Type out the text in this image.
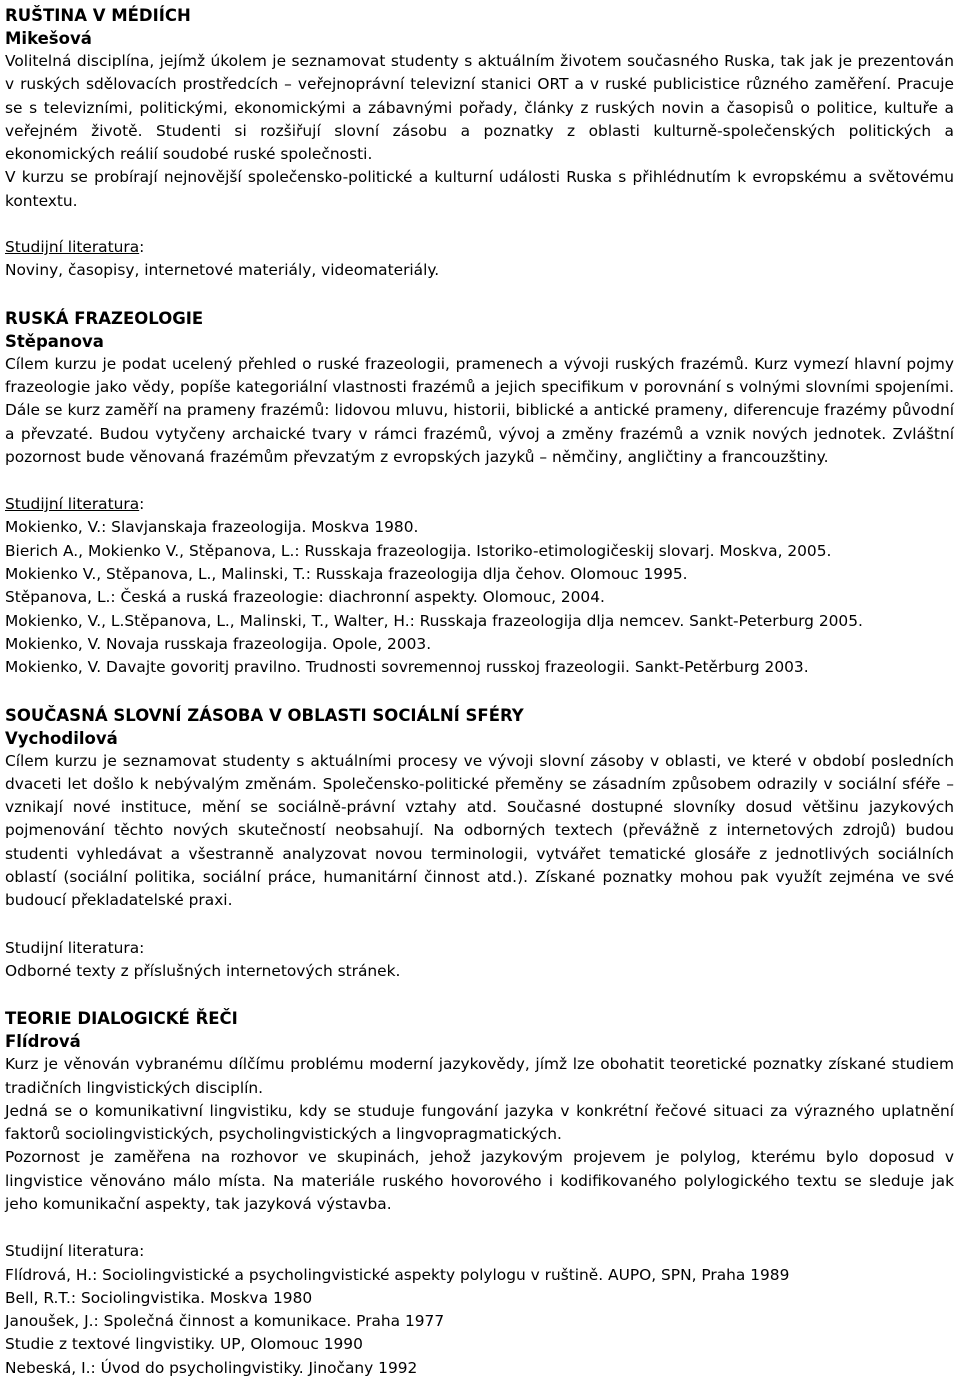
RUŠTINA V MÉDIÍCH
Mikešová

Volitelná disciplína, jejímž úkolem je seznamovat studenty s aktuálním životem současného Ruska, tak jak je prezentován v ruských sdělovacích prostředcích – veřejnoprávní televizní stanici ORT a v ruské publicistice různého zaměření. Pracuje se s televizními, politickými, ekonomickými a zábavnými pořady, články z ruských novin a časopisů o politice, kultuře a veřejném životě. Studenti si rozšiřují slovní zásobu a poznatky z oblasti kulturně-společenských politických a ekonomických reálií soudobé ruské společnosti.

V kurzu se probírají nejnovější společensko-politické a kulturní události Ruska s přihlédnutím k evropskému a světovému kontextu.

Studijní literatura:

Noviny, časopisy, internetové materiály, videomateriály.

RUSKÁ FRAZEOLOGIE
Stěpanova

Cílem kurzu je podat ucelený přehled o ruské frazeologii, pramenech a vývoji ruských frazémů. Kurz vymezí hlavní pojmy frazeologie jako vědy, popíše kategoriální vlastnosti frazémů a jejich specifikum v porovnání s volnými slovními spojeními. Dále se kurz zaměří na prameny frazémů: lidovou mluvu, historii, biblické a antické prameny, diferencuje frazémy původní a převzaté. Budou vytyčeny archaické tvary v rámci frazémů, vývoj a změny frazémů a vznik nových jednotek. Zvláštní pozornost bude věnovaná frazémům převzatým z evropských jazyků – němčiny, angličtiny a francouzštiny.

Studijní literatura:

Mokienko, V.: Slavjanskaja frazeologija. Moskva 1980.

Bierich A., Mokienko V., Stěpanova, L.: Russkaja frazeologija. Istoriko-etimologičeskij slovarj. Moskva, 2005.

Mokienko V., Stěpanova, L., Malinski, T.: Russkaja frazeologija dlja čehov. Olomouc 1995.

Stěpanova, L.: Česká a ruská frazeologie: diachronní aspekty. Olomouc, 2004.

Mokienko, V., L.Stěpanova, L., Malinski, T., Walter, H.: Russkaja frazeologija dlja nemcev. Sankt-Peterburg 2005.

Mokienko, V. Novaja russkaja frazeologija. Opole, 2003.

Mokienko, V. Davajte govoritj pravilno. Trudnosti sovremennoj russkoj frazeologii. Sankt-Petěrburg 2003.

SOUČASNÁ SLOVNÍ ZÁSOBA V OBLASTI SOCIÁLNÍ SFÉRY
Vychodilová

Cílem kurzu je seznamovat studenty s aktuálními procesy ve vývoji slovní zásoby v oblasti, ve které v období posledních dvaceti let došlo k nebývalým změnám. Společensko-politické přeměny se zásadním způsobem odrazily v sociální sféře – vznikají nové instituce, mění se sociálně-právní vztahy atd. Současné dostupné slovníky dosud většinu jazykových pojmenování těchto nových skutečností neobsahují. Na odborných textech (převážně z internetových zdrojů) budou studenti vyhledávat a všestranně analyzovat novou terminologii, vytvářet tematické glosáře z jednotlivých sociálních oblastí (sociální politika, sociální práce, humanitární činnost atd.). Získané poznatky mohou pak využít zejména ve své budoucí překladatelské praxi.

Studijní literatura:

Odborné texty z příslušných internetových stránek.

TEORIE DIALOGICKÉ ŘEČI
Flídrová

Kurz je věnován vybranému dílčímu problému moderní jazykovědy, jímž lze obohatit teoretické poznatky získané studiem tradičních lingvistických disciplín.

Jedná se o komunikativní lingvistiku, kdy se studuje fungování jazyka v konkrétní řečové situaci za výrazného uplatnění faktorů sociolingvistických, psycholingvistických a lingvopragmatických.

Pozornost je zaměřena na rozhovor ve skupinách, jehož jazykovým projevem je polylog, kterému bylo doposud v lingvistice věnováno málo místa. Na materiále ruského hovorového i kodifikovaného polylogického textu se sleduje jak jeho komunikační aspekty, tak jazyková výstavba.

Studijní literatura:

Flídrová, H.: Sociolingvistické a psycholingvistické aspekty polylogu v ruštině. AUPO, SPN, Praha 1989

Bell, R.T.: Sociolingvistika. Moskva 1980

Janoušek, J.: Společná činnost a komunikace. Praha 1977

Studie z textové lingvistiky. UP, Olomouc 1990

Nebeská, I.: Úvod do psycholingvistiky. Jinočany 1992
